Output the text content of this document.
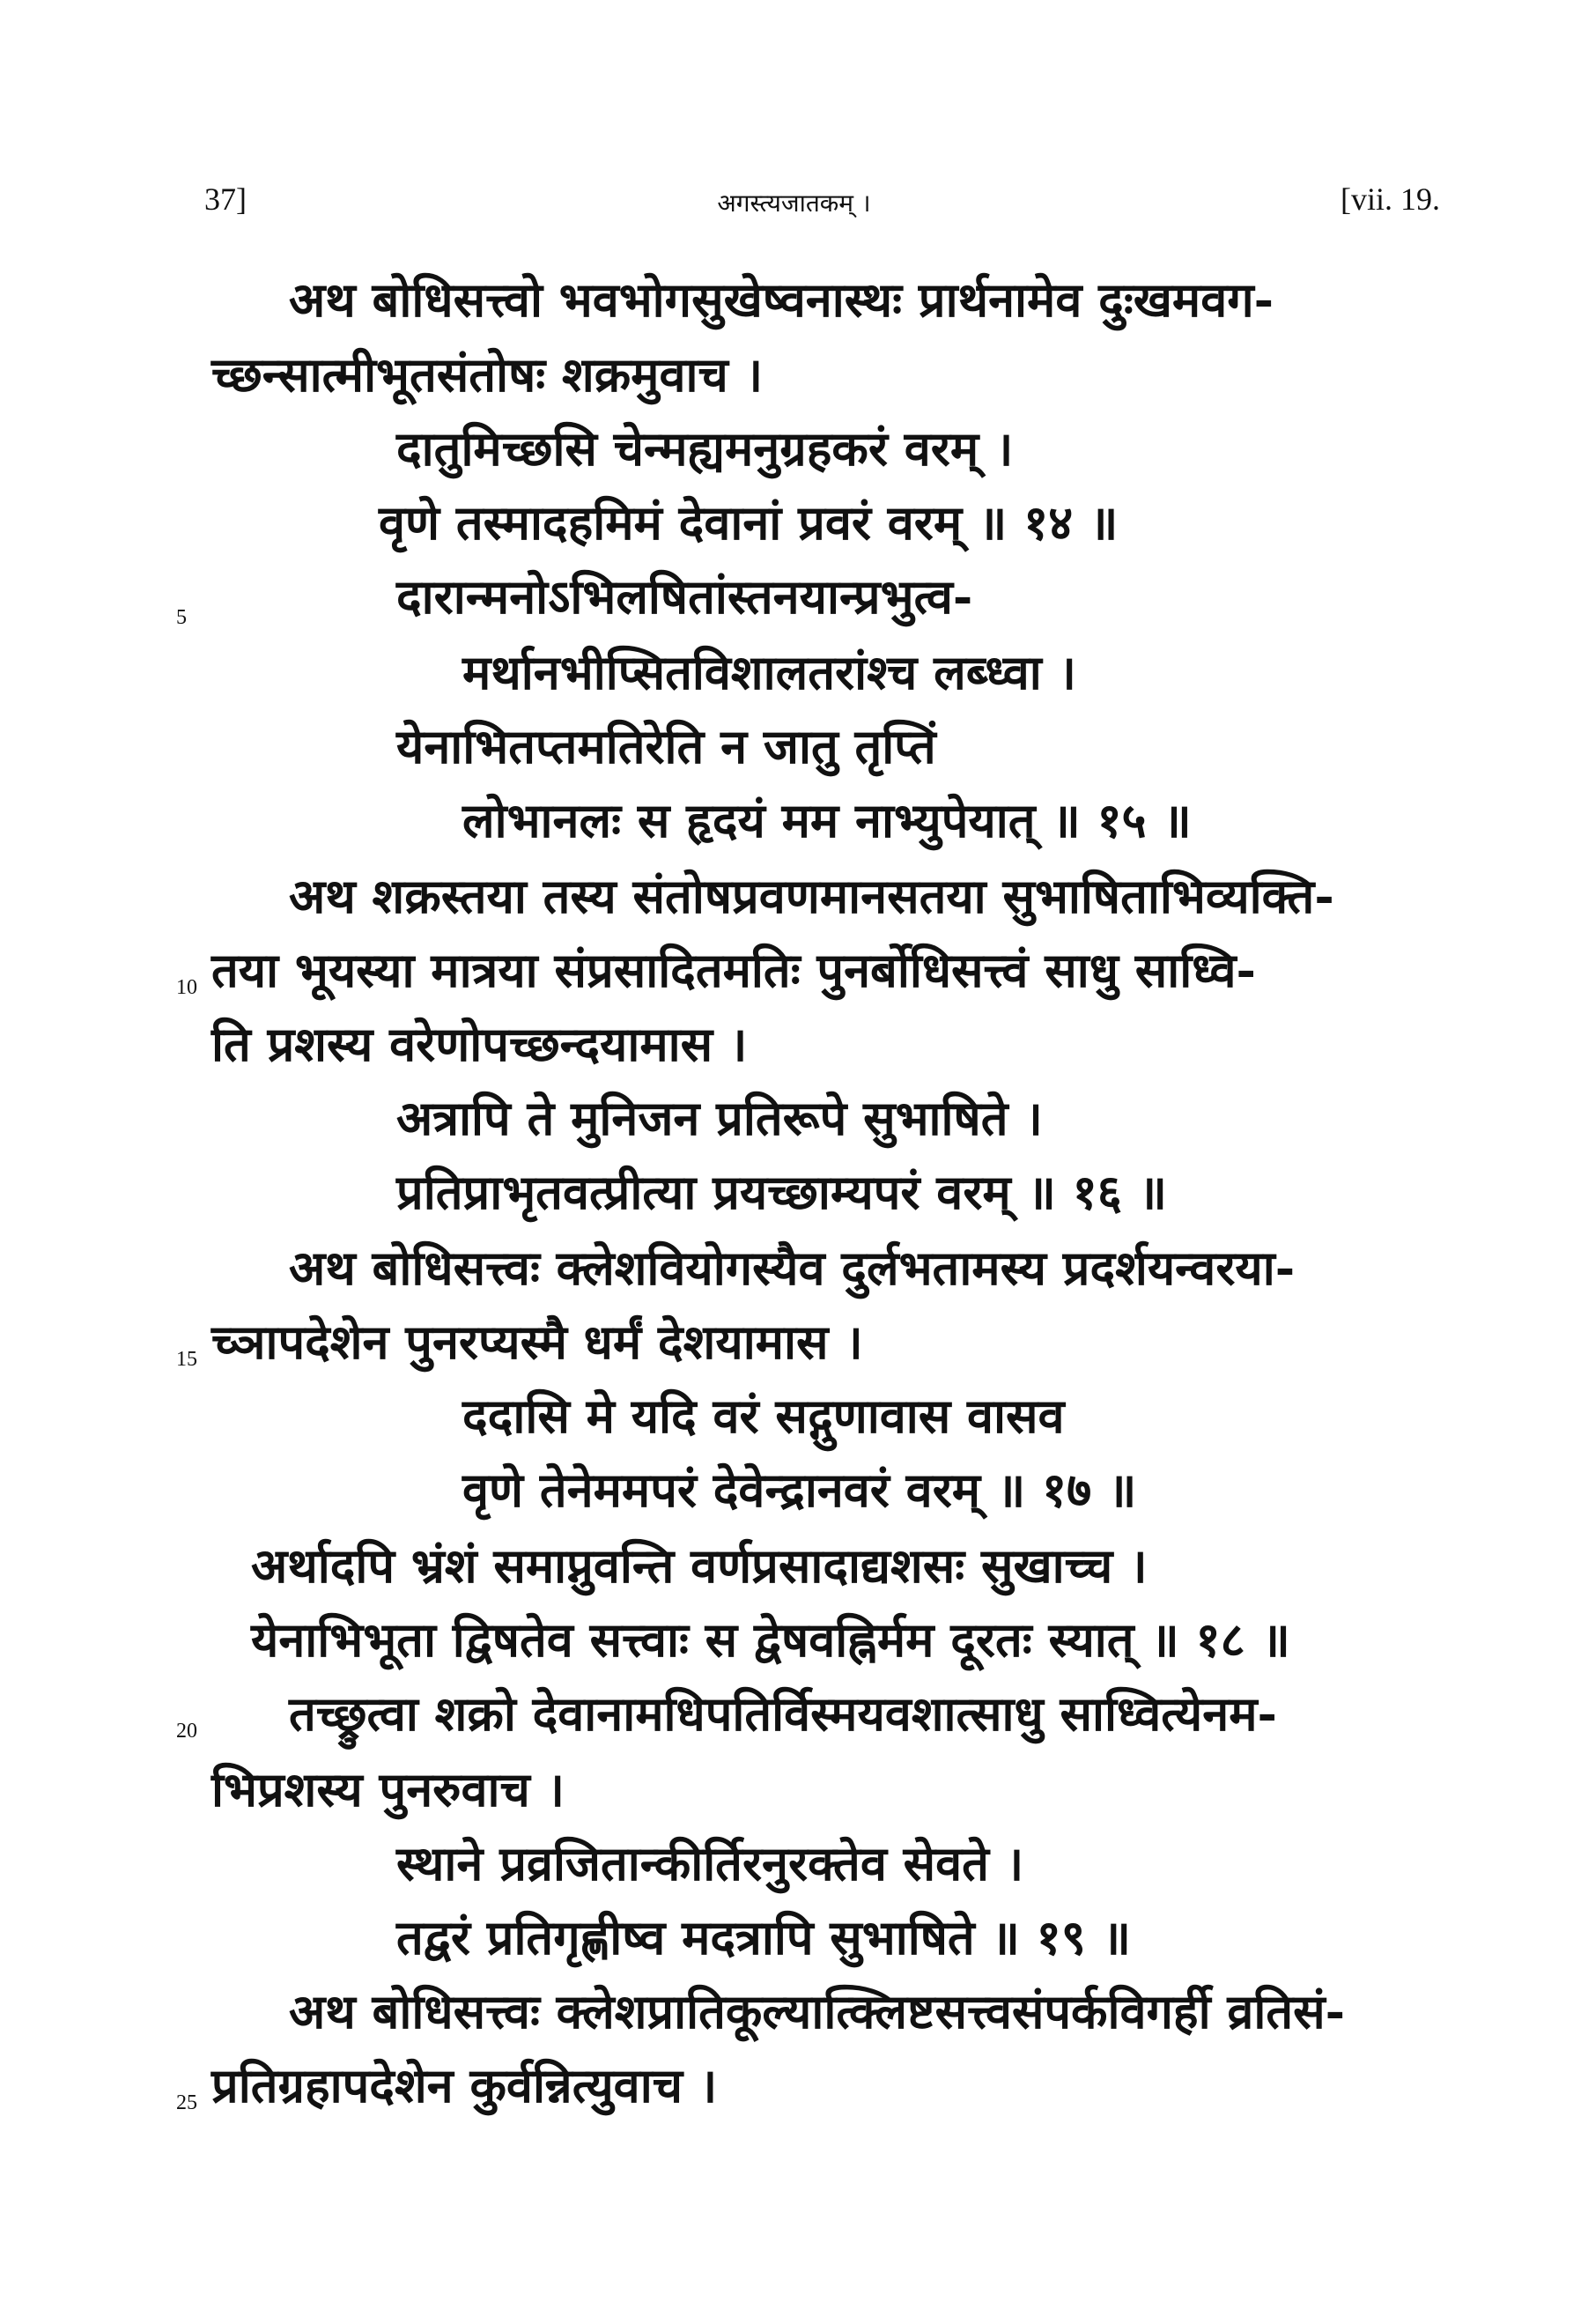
37]	अगस्त्यजातकम् ।	[vii. 19.
अथ बोधिसत्त्वो भवभोगसुखेष्वनास्थः प्रार्थनामेव दुःखमवग-
च्छन्सात्मीभूतसंतोषः शक्रमुवाच ।
दातुमिच्छसि चेन्मह्यमनुग्रहकरं वरम् ।
वृणे तस्मादहमिमं देवानां प्रवरं वरम् ॥ १४ ॥
दारान्मनोऽभिलषितांस्तनयान्प्रभुत्व-
मर्थानभीप्सितविशालतरांश्च लब्ध्वा ।
येनाभितप्तमतिरेति न जातु तृप्तिं
लोभानलः स हृदयं मम नाभ्युपेयात् ॥ १५ ॥
अथ शक्रस्तया तस्य संतोषप्रवणमानसतया सुभाषिताभिव्यक्ति-
तया भूयस्या मात्रया संप्रसादितमतिः पुनर्बोधिसत्त्वं साधु साध्वि-
ति प्रशस्य वरेणोपच्छन्दयामास ।
अत्रापि ते मुनिजन प्रतिरूपे सुभाषिते ।
प्रतिप्राभृतवत्प्रीत्या प्रयच्छाम्यपरं वरम् ॥ १६ ॥
अथ बोधिसत्त्वः क्लेशवियोगस्यैव दुर्लभतामस्य प्रदर्शयन्वरया-
च्ञापदेशेन पुनरप्यस्मै धर्मं देशयामास ।
ददासि मे यदि वरं सद्गुणावास वासव
वृणे तेनेममपरं देवेन्द्रानवरं वरम् ॥ १७ ॥
अर्थादपि भ्रंशं समाप्नुवन्ति वर्णप्रसादाद्यशसः सुखाच्च ।
येनाभिभूता द्विषतेव सत्त्वाः स द्वेषवह्निर्मम दूरतः स्यात् ॥ १८ ॥
तच्छ्रुत्वा शक्रो देवानामधिपतिर्विस्मयवशात्साधु साध्वित्येनम-
भिप्रशस्य पुनरुवाच ।
स्थाने प्रव्रजितान्कीर्तिरनुरक्तेव सेवते ।
तद्वरं प्रतिगृह्णीष्व मदत्रापि सुभाषिते ॥ १९ ॥
अथ बोधिसत्त्वः क्लेशप्रातिकूल्यात्क्लिष्टसत्त्वसंपर्कविगर्ही व्रतिसं-
प्रतिग्रहापदेशेन कुर्वन्नित्युवाच ।
5
10
15
20
25
